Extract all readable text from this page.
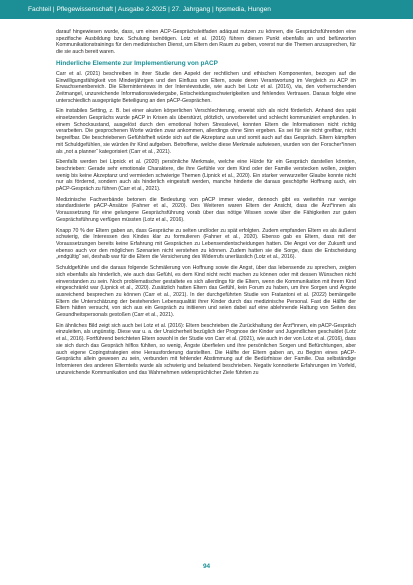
Fachteil | Pflegewissenschaft | Ausgabe 2-2025 | 27. Jahrgang | hpsmedia, Hungen

darauf hingewiesen wurde, dass, um einen ACP-Gesprächsleitfaden adäquat nutzen zu können, die Gesprächsführenden eine spezifische Ausbildung bzw. Schulung benötigen. Lotz et al. (2016) führen diesen Punkt ebenfalls an und befürworten Kommunikationstrainings für den medizinischen Dienst, um Eltern den Raum zu geben, vorerst nur die Themen anzusprechen, für die sie auch bereit waren.

Hinderliche Elemente zur Implementierung von pACP

Carr et al. (2021) beschreiben in ihrer Studie den Aspekt der rechtlichen und ethischen Komponenten, bezogen auf die Einwilligungsfähigkeit von Minderjährigen und den Einfluss von Eltern, sowie deren Verantwortung im Vergleich zu ACP im Erwachsenenbereich. Die Elterninterviews in der Interviewstudie, wie auch bei Lotz et al. (2016), via, den vorherrschenden Zeitmangel, unzureichende Informationswiedergabe, Entscheidungsschwierigkeiten und fehlendes Vertrauen. Daraus folgte eine unterschiedlich ausgeprägte Beteiligung an den pACP-Gesprächen.

Ein instabiles Setting, z. B. bei einer akuten körperlichen Verschlechterung, erweist sich als nicht förderlich. Anhand des spät einsetzenden Gesprächs wurde pACP in Krisen als überstürzt, plötzlich, unvorbereitet und schlecht kommuniziert empfunden. In einem Schocksustand, ausgelöst durch den emotional hohen Stresslevel, konnten Eltern die Informationen nicht richtig verarbeiten. Die gesprochenen Worte würden zwar ankommen, allerdings ohne Sinn ergeben. Es sei für sie nicht greifbar, nicht begreifbar. Die beschriebenen Gefühlsfhelt würde sich auf die Akzeptanz aus und somit auch auf das Gespräch. Eltern kämpften mit Schuldgefühlen, sie würden ihr Kind aufgeben. Betroffene, welche diese Merkmale aufwiesen, wurden von der Forscher*innen als „not a planner“ kategorisiert (Carr et al., 2021).

Ebenfalls werden bei Lipnick et al. (2020) persönliche Merkmale, welche eine Hürde für ein Gespräch darstellen könnten, beschrieben: Gerade sehr emotionale Charaktere, die ihre Gefühle vor dem Kind oder der Familie verstecken wollen, zeigten wenig bis keine Akzeptanz und vermieden schwierige Themen (Lipnick et al., 2020). Ein starker verwurzelter Glaube konnte nicht nur als fördernd, sondern auch als hinderlich eingestuft werden, manche hinderte die daraus geschöpfte Hoffnung auch, ein pACP-Gespräch zu führen (Carr et al., 2021).

Medizinische Fachverbände betonen die Bedeutung von pACP immer wieder, dennoch gibt es weiterhin nur wenige standardisierte pACP-Ansätze (Fahner et al., 2020). Des Weiteren waren Eltern der Ansicht, dass die Ärzt*innen als Voraussetzung für eine gelungene Gesprächsführung vorab über das nötige Wissen sowie über die Fähigkeiten zur guten Gesprächsführung verfügen müssten (Lotz et al., 2016).

Knapp 70 % der Eltern gaben an, dass Gespräche zu selten und/oder zu spät erfolgten. Zudem empfanden Eltern es als äußerst schwierig, die Interessen des Kindes klar zu formulieren (Fahner et al., 2020). Ebenso gab es Eltern, dass mit der Voraussetzungen bereits keine Erfahrung mit Gesprächen zu Lebensendentscheidungen hatten. Die Angst vor der Zukunft und ebenso auch vor den möglichen Szenarien nicht verstehen zu können. Zudem hatten sie die Sorge, dass die Entscheidung „endgültig“ sei, deshalb war für die Eltern die Versicherung des Widerrufs unerlässlich (Lotz et al., 2016).

Schuldgefühle und die daraus folgende Schmälerung von Hoffnung sowie die Angst, über das lebensende zu sprechen, zeigten sich ebenfalls als hinderlich, wie auch das Gefühl, es dem Kind nicht recht machen zu können oder mit dessen Wünschen nicht einverstanden zu sein. Noch problematischer gestaltete es sich allerdings für die Eltern, wenn die Kommunikation mit ihrem Kind eingeschränkt war (Lipnick et al., 2020). Zusätzlich hatten Eltern das Gefühl, kein Forum zu haben, um ihre Sorgen und Ängste ausreichend besprechen zu können (Carr et al., 2021). In der durchgeführten Studie von Fratantoni et al. (2022) bemängelte Eltern die Unterschätzung der bestehenden Lebensqualität ihrer Kinder durch das medizinische Personal. Fast die Hälfte der Eltern hätten versucht, von sich aus ein Gespräch zu initiieren und seien dabei auf eine ablehnende Haltung von Seiten des Gesundheitspersonals gestoßen (Carr et al., 2021).

Ein ähnliches Bild zeigt sich auch bei Lotz et al. (2016): Eltern beschrieben die Zurückhaltung der Ärzt*innen, ein pACP-Gespräch einzuleiten, als ungünstig. Diese war u. a. der Unsicherheit bezüglich der Prognose der Kinder und Jugendlichen geschuldet (Lotz et al., 2016). Fortführend berichteten Eltern sowohl in der Studie von Carr et al. (2021), wie auch in der von Lotz et al. (2016), dass sie sich durch das Gespräch hilflos fühlten, so wenig, Ängste überfielen und ihre persönlichen Sorgen und Befürchtungen, aber auch eigene Copingstrategien eine Herausforderung darstellten. Die Hälfte der Eltern gaben an, zu Beginn eines pACP-Gesprächs allein gewesen zu sein, verbunden mit fehlender Abstimmung auf die Bedürfnisse der Familie. Das selbständige Informieren des anderen Elternteils wurde als schwierig und belastend beschrieben. Negativ konnotierte Erfahrungen im Vorfeld, unzureichende Kommunikation und das Wahrnehmen widersprüchlicher Ziele führten zu

94
